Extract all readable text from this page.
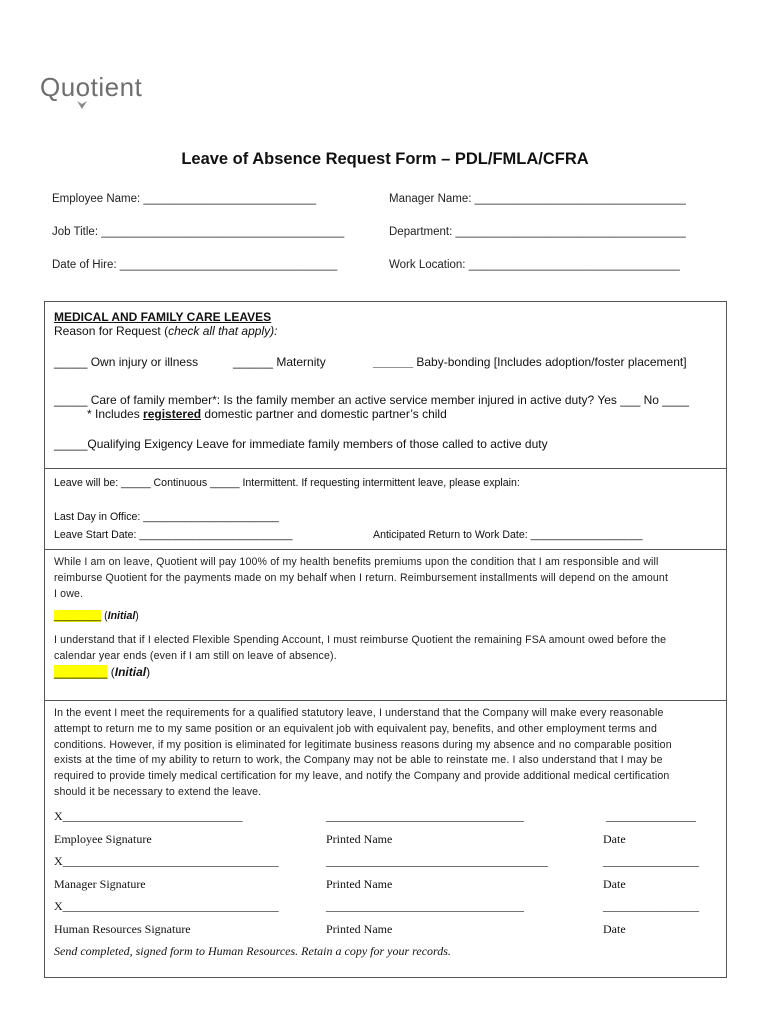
Quotient
Leave of Absence Request Form – PDL/FMLA/CFRA
Employee Name: ___________________________	Manager Name: _________________________________
Job Title: ______________________________________	Department: ____________________________________
Date of Hire: __________________________________	Work Location: _________________________________
MEDICAL AND FAMILY CARE LEAVES
Reason for Request (check all that apply):
_____ Own injury or illness	______ Maternity	______ Baby-bonding [Includes adoption/foster placement]
_____ Care of family member*: Is the family member an active service member injured in active duty? Yes ___ No ____
* Includes registered domestic partner and domestic partner’s child
_____Qualifying Exigency Leave for immediate family members of those called to active duty
Leave will be: _____ Continuous _____ Intermittent. If requesting intermittent leave, please explain:
Last Day in Office: _______________________
Leave Start Date: __________________________	Anticipated Return to Work Date: ___________________
While I am on leave, Quotient will pay 100% of my health benefits premiums upon the condition that I am responsible and will
reimburse Quotient for the payments made on my behalf when I return. Reimbursement installments will depend on the amount
I owe.
________ (Initial)
I understand that if I elected Flexible Spending Account, I must reimburse Quotient the remaining FSA amount owed before the
calendar year ends (even if I am still on leave of absence).
________ (Initial)
In the event I meet the requirements for a qualified statutory leave, I understand that the Company will make every reasonable
attempt to return me to my same position or an equivalent job with equivalent pay, benefits, and other employment terms and
conditions. However, if my position is eliminated for legitimate business reasons during my absence and no comparable position
exists at the time of my ability to return to work, the Company may not be able to reinstate me. I also understand that I may be
required to provide timely medical certification for my leave, and notify the Company and provide additional medical certification
should it be necessary to extend the leave.
X______________________________	_________________________________	_______________
Employee Signature	Printed Name	Date
X____________________________________	_____________________________________	________________
Manager Signature	Printed Name	Date
X____________________________________	_________________________________	________________
Human Resources Signature	Printed Name	Date
Send completed, signed form to Human Resources. Retain a copy for your records.
